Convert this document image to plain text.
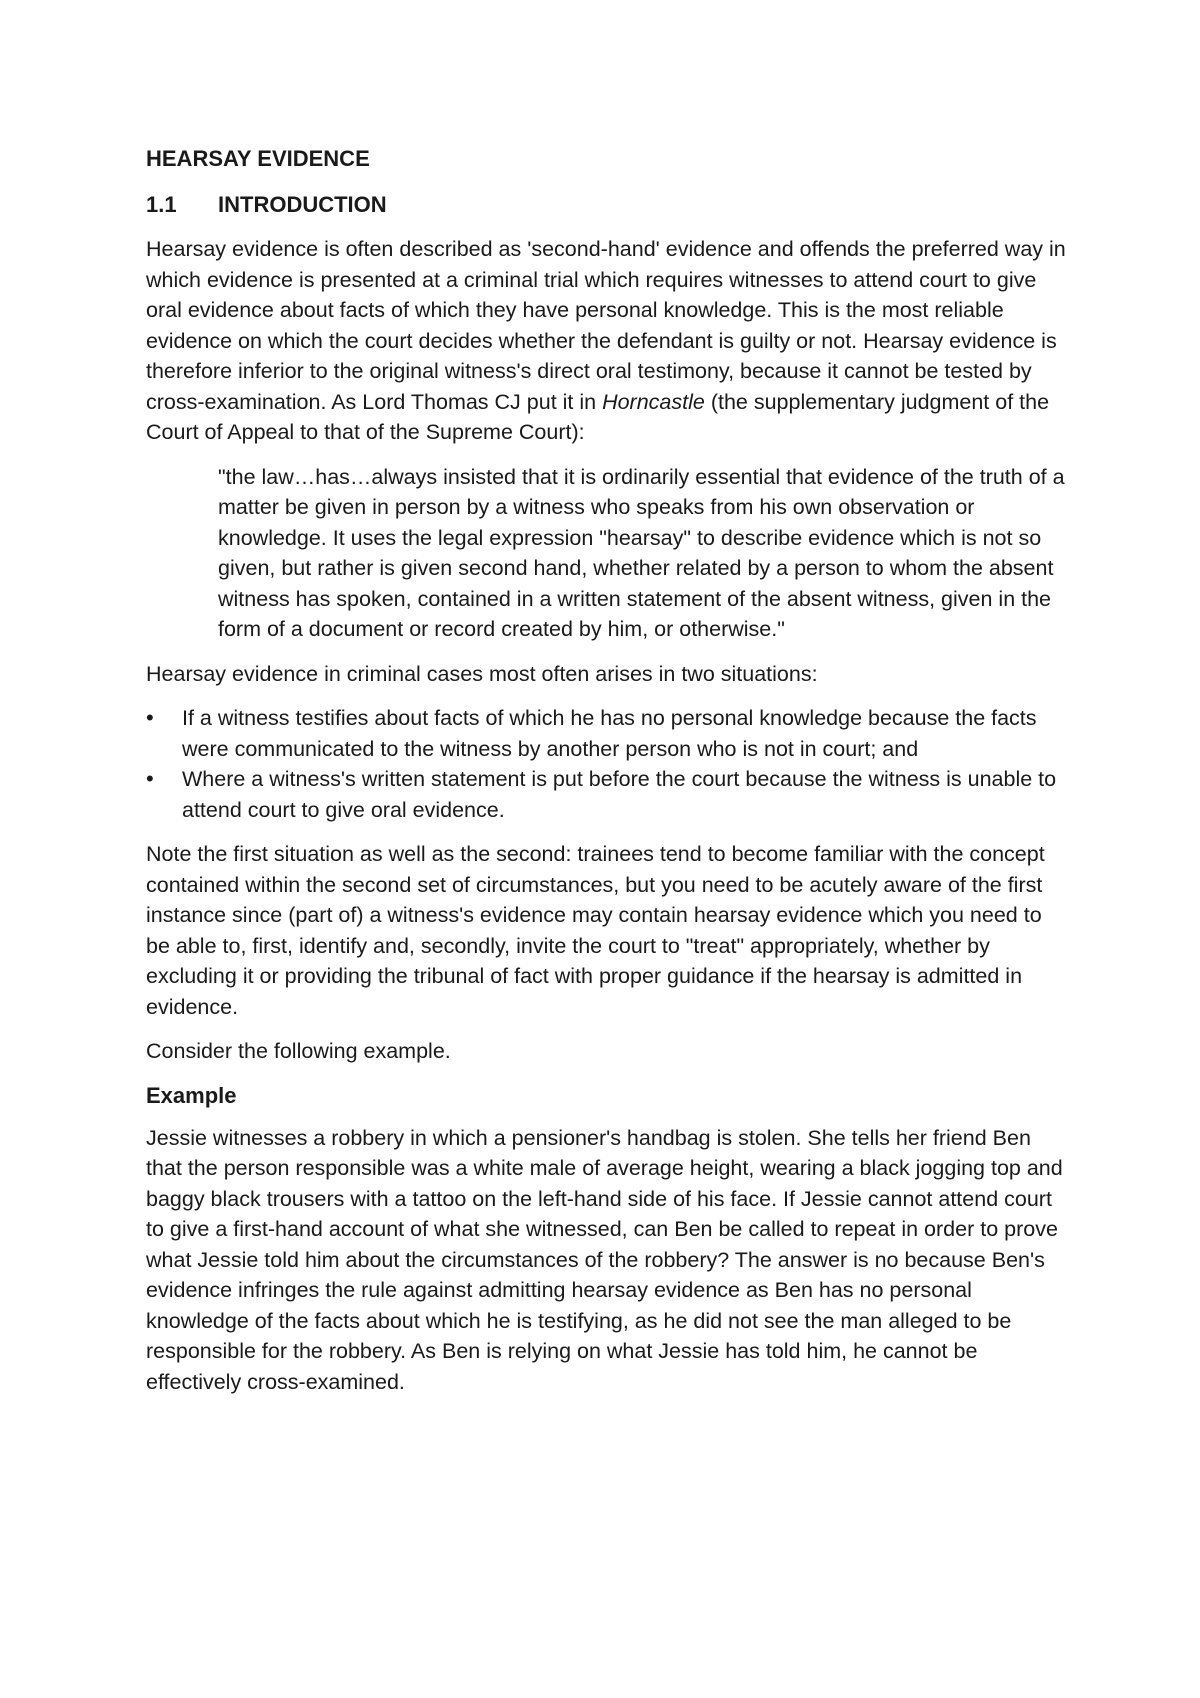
HEARSAY EVIDENCE
1.1 INTRODUCTION

Hearsay evidence is often described as 'second-hand' evidence and offends the preferred way in which evidence is presented at a criminal trial which requires witnesses to attend court to give oral evidence about facts of which they have personal knowledge. This is the most reliable evidence on which the court decides whether the defendant is guilty or not. Hearsay evidence is therefore inferior to the original witness's direct oral testimony, because it cannot be tested by cross-examination. As Lord Thomas CJ put it in Horncastle (the supplementary judgment of the Court of Appeal to that of the Supreme Court):

"the law…has…always insisted that it is ordinarily essential that evidence of the truth of a matter be given in person by a witness who speaks from his own observation or knowledge. It uses the legal expression "hearsay" to describe evidence which is not so given, but rather is given second hand, whether related by a person to whom the absent witness has spoken, contained in a written statement of the absent witness, given in the form of a document or record created by him, or otherwise."

Hearsay evidence in criminal cases most often arises in two situations:

•	If a witness testifies about facts of which he has no personal knowledge because the facts were communicated to the witness by another person who is not in court; and
•	Where a witness's written statement is put before the court because the witness is unable to attend court to give oral evidence.

Note the first situation as well as the second: trainees tend to become familiar with the concept contained within the second set of circumstances, but you need to be acutely aware of the first instance since (part of) a witness's evidence may contain hearsay evidence which you need to be able to, first, identify and, secondly, invite the court to "treat" appropriately, whether by excluding it or providing the tribunal of fact with proper guidance if the hearsay is admitted in evidence.

Consider the following example.

Example

Jessie witnesses a robbery in which a pensioner's handbag is stolen. She tells her friend Ben that the person responsible was a white male of average height, wearing a black jogging top and baggy black trousers with a tattoo on the left-hand side of his face. If Jessie cannot attend court to give a first-hand account of what she witnessed, can Ben be called to repeat in order to prove what Jessie told him about the circumstances of the robbery? The answer is no because Ben's evidence infringes the rule against admitting hearsay evidence as Ben has no personal knowledge of the facts about which he is testifying, as he did not see the man alleged to be responsible for the robbery. As Ben is relying on what Jessie has told him, he cannot be effectively cross-examined.
